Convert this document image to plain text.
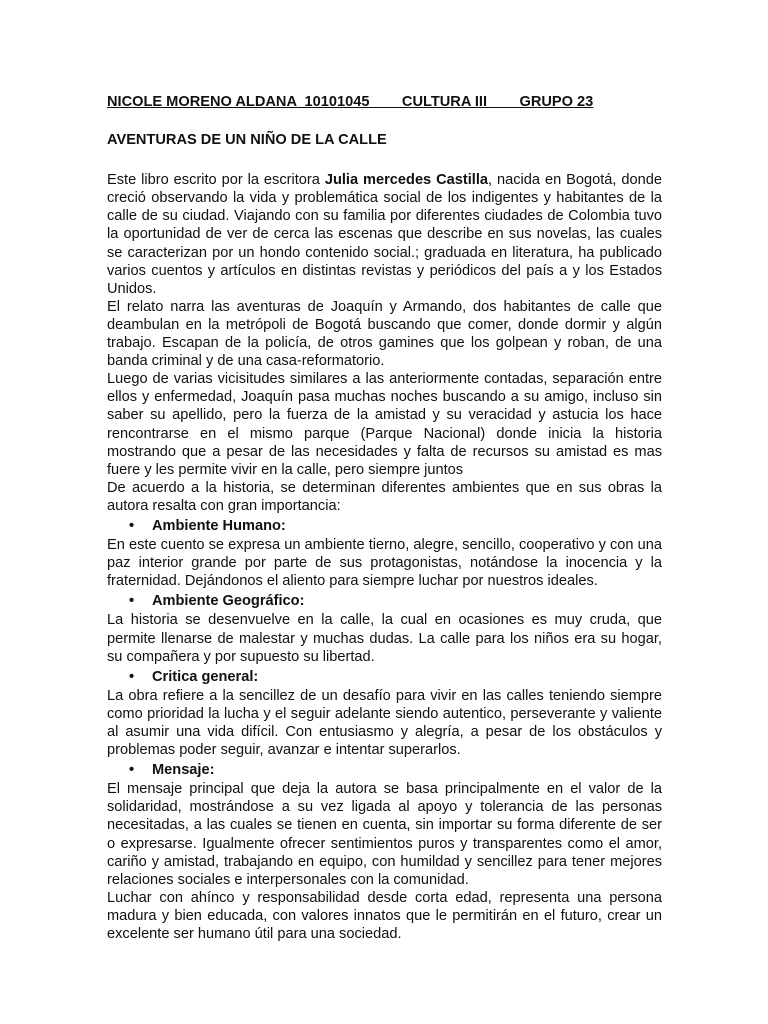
NICOLE MORENO ALDANA  10101045        CULTURA III        GRUPO 23
AVENTURAS DE UN NIÑO DE LA CALLE

Este libro escrito por la escritora Julia mercedes Castilla, nacida en Bogotá, donde creció observando la vida y problemática social de los indigentes y habitantes de la calle de su ciudad. Viajando con su familia por diferentes ciudades de Colombia tuvo la oportunidad de ver de cerca las escenas que describe en sus novelas, las cuales se caracterizan por un hondo contenido social.; graduada en literatura, ha publicado varios cuentos y artículos en distintas revistas y periódicos del país a y los Estados Unidos.

El relato narra las aventuras de Joaquín y Armando, dos habitantes de calle que deambulan en la metrópoli de Bogotá buscando que comer, donde dormir y algún trabajo. Escapan de la policía, de otros gamines que los golpean y roban, de una banda criminal y de una casa-reformatorio.

Luego de varias vicisitudes similares a las anteriormente contadas, separación entre ellos y enfermedad, Joaquín pasa muchas noches buscando a su amigo, incluso sin saber su apellido, pero la fuerza de la amistad y su veracidad y astucia los hace rencontrarse en el mismo parque (Parque Nacional) donde inicia la historia mostrando que a pesar de las necesidades y falta de recursos su amistad es mas fuere y les permite vivir en la calle, pero siempre juntos

De acuerdo a la historia, se determinan diferentes ambientes que en sus obras la autora resalta con gran importancia:

•	Ambiente Humano:

En este cuento se expresa un ambiente tierno, alegre, sencillo, cooperativo y con una paz interior grande por parte de sus protagonistas, notándose la inocencia y la fraternidad. Dejándonos el aliento para siempre luchar por nuestros ideales.

•	Ambiente Geográfico:

La historia se desenvuelve en la calle, la cual en ocasiones es muy cruda, que permite llenarse de malestar y muchas dudas. La calle para los niños era su hogar, su compañera y por supuesto su libertad.

•	Critica general:

La obra refiere a la sencillez de un desafío para vivir en las calles teniendo siempre como prioridad la lucha y el seguir adelante siendo autentico, perseverante y valiente al asumir una vida difícil. Con entusiasmo y alegría, a pesar de los obstáculos y problemas poder seguir, avanzar e intentar superarlos.

•	Mensaje:

El mensaje principal que deja la autora se basa principalmente en el valor de la solidaridad, mostrándose a su vez ligada al apoyo y tolerancia de las personas necesitadas, a las cuales se tienen en cuenta, sin importar su forma diferente de ser o expresarse. Igualmente ofrecer sentimientos puros y transparentes como el amor, cariño y amistad, trabajando en equipo, con humildad y sencillez para tener mejores relaciones sociales e interpersonales con la comunidad.

Luchar con ahínco y responsabilidad desde corta edad, representa una persona madura y bien educada, con valores innatos que le permitirán en el futuro, crear un excelente ser humano útil para una sociedad.
